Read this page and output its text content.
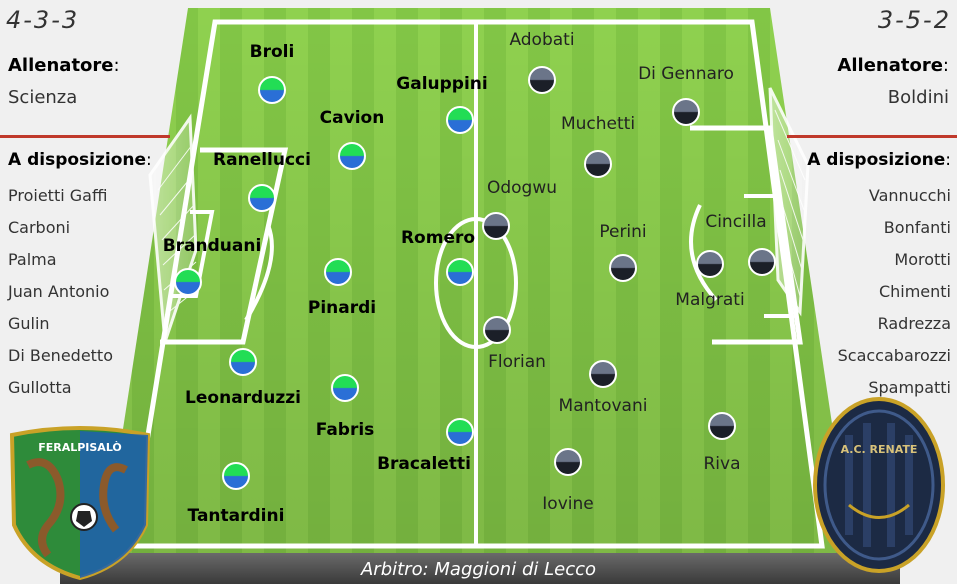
4-3-3
Allenatore:
Scienza
A disposizione:
Proietti Gaffi
Carboni
Palma
Juan Antonio
Gulin
Di Benedetto
Gullotta
3-5-2
Allenatore:
Boldini
A disposizione:
Vannucchi
Bonfanti
Morotti
Chimenti
Radrezza
Scaccabarozzi
Spampatti
FERALPISALÒ	A.C. RENATE
Broli
Galuppini
Cavion
Ranellucci
Branduani	Romero
Pinardi
Leonarduzzi
Fabris
Bracaletti
Tantardini
Adobati
Di Gennaro
Muchetti
Odogwu
Perini	Cincilla
Malgrati
Florian
Mantovani
Riva
Iovine
Arbitro: Maggioni di Lecco
